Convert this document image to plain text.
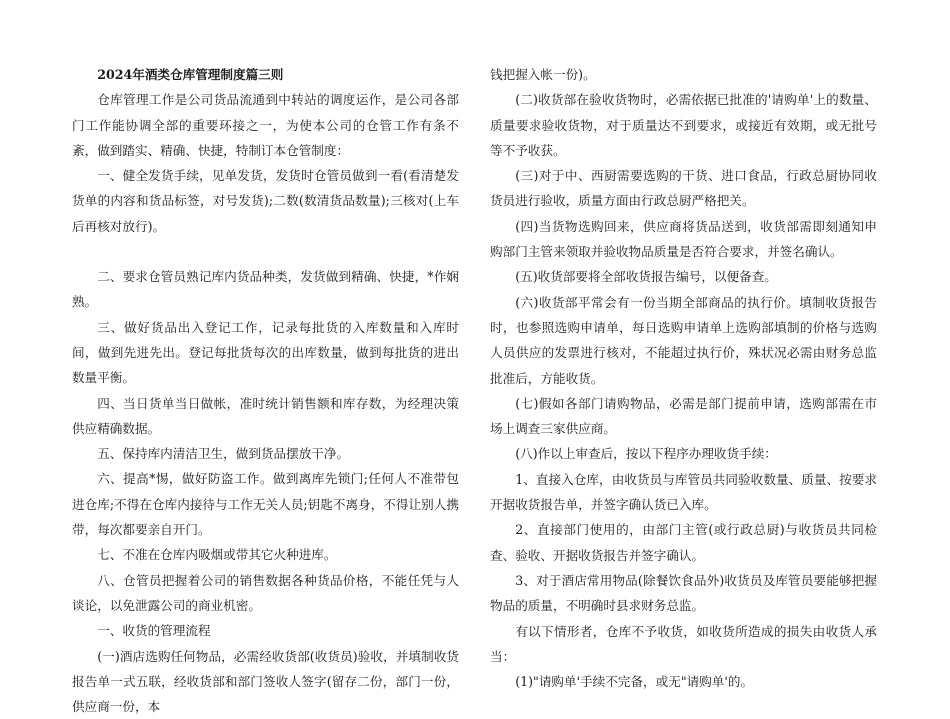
2024年酒类仓库管理制度篇三则

仓库管理工作是公司货品流通到中转站的调度运作，是公司各部门工作能协调全部的重要环接之一，为使本公司的仓管工作有条不紊，做到踏实、精确、快捷，特制订本仓管制度：

一、健全发货手续，见单发货，发货时仓管员做到一看(看清楚发货单的内容和货品标签，对号发货);二数(数清货品数量);三核对(上车后再核对放行)。

二、要求仓管员熟记库内货品种类，发货做到精确、快捷，*作娴熟。

三、做好货品出入登记工作，记录每批货的入库数量和入库时间，做到先进先出。登记每批货每次的出库数量，做到每批货的进出数量平衡。

四、当日货单当日做帐，准时统计销售额和库存数，为经理决策供应精确数据。

五、保持库内清洁卫生，做到货品摆放干净。

六、提高*惕，做好防盗工作。做到离库先锁门;任何人不准带包进仓库;不得在仓库内接待与工作无关人员;钥匙不离身，不得让别人携带，每次都要亲自开门。

七、不准在仓库内吸烟或带其它火种进库。

八、仓管员把握着公司的销售数据各种货品价格，不能任凭与人谈论，以免泄露公司的商业机密。

一、收货的管理流程

(一)酒店选购任何物品，必需经收货部(收货员)验收，并填制收货报告单一式五联，经收货部和部门签收人签字(留存二份，部门一份，供应商一份，本

钱把握入帐一份)。

(二)收货部在验收货物时，必需依据已批准的'请购单'上的数量、质量要求验收货物，对于质量达不到要求，或接近有效期，或无批号等不予收获。

(三)对于中、西厨需要选购的干货、进口食品，行政总厨协同收货员进行验收，质量方面由行政总厨严格把关。

(四)当货物选购回来，供应商将货品送到，收货部需即刻通知申购部门主管来领取并验收物品质量是否符合要求，并签名确认。

(五)收货部要将全部收货报告编号，以便备查。

(六)收货部平常会有一份当期全部商品的执行价。填制收货报告时，也参照选购申请单，每日选购申请单上选购部填制的价格与选购人员供应的发票进行核对，不能超过执行价，殊状况必需由财务总监批准后，方能收货。

(七)假如各部门请购物品，必需是部门提前申请，选购部需在市场上调查三家供应商。

(八)作以上审查后，按以下程序办理收货手续：

1、直接入仓库，由收货员与库管员共同验收数量、质量、按要求开据收货报告单，并签字确认货已入库。

2、直接部门使用的，由部门主管(或行政总厨)与收货员共同检查、验收、开据收货报告并签字确认。

3、对于酒店常用物品(除餐饮食品外)收货员及库管员要能够把握物品的质量，不明确时县求财务总监。

有以下情形者，仓库不予收货，如收货所造成的损失由收货人承当：

(1)"请购单'手续不完备，或无"请购单'的。
